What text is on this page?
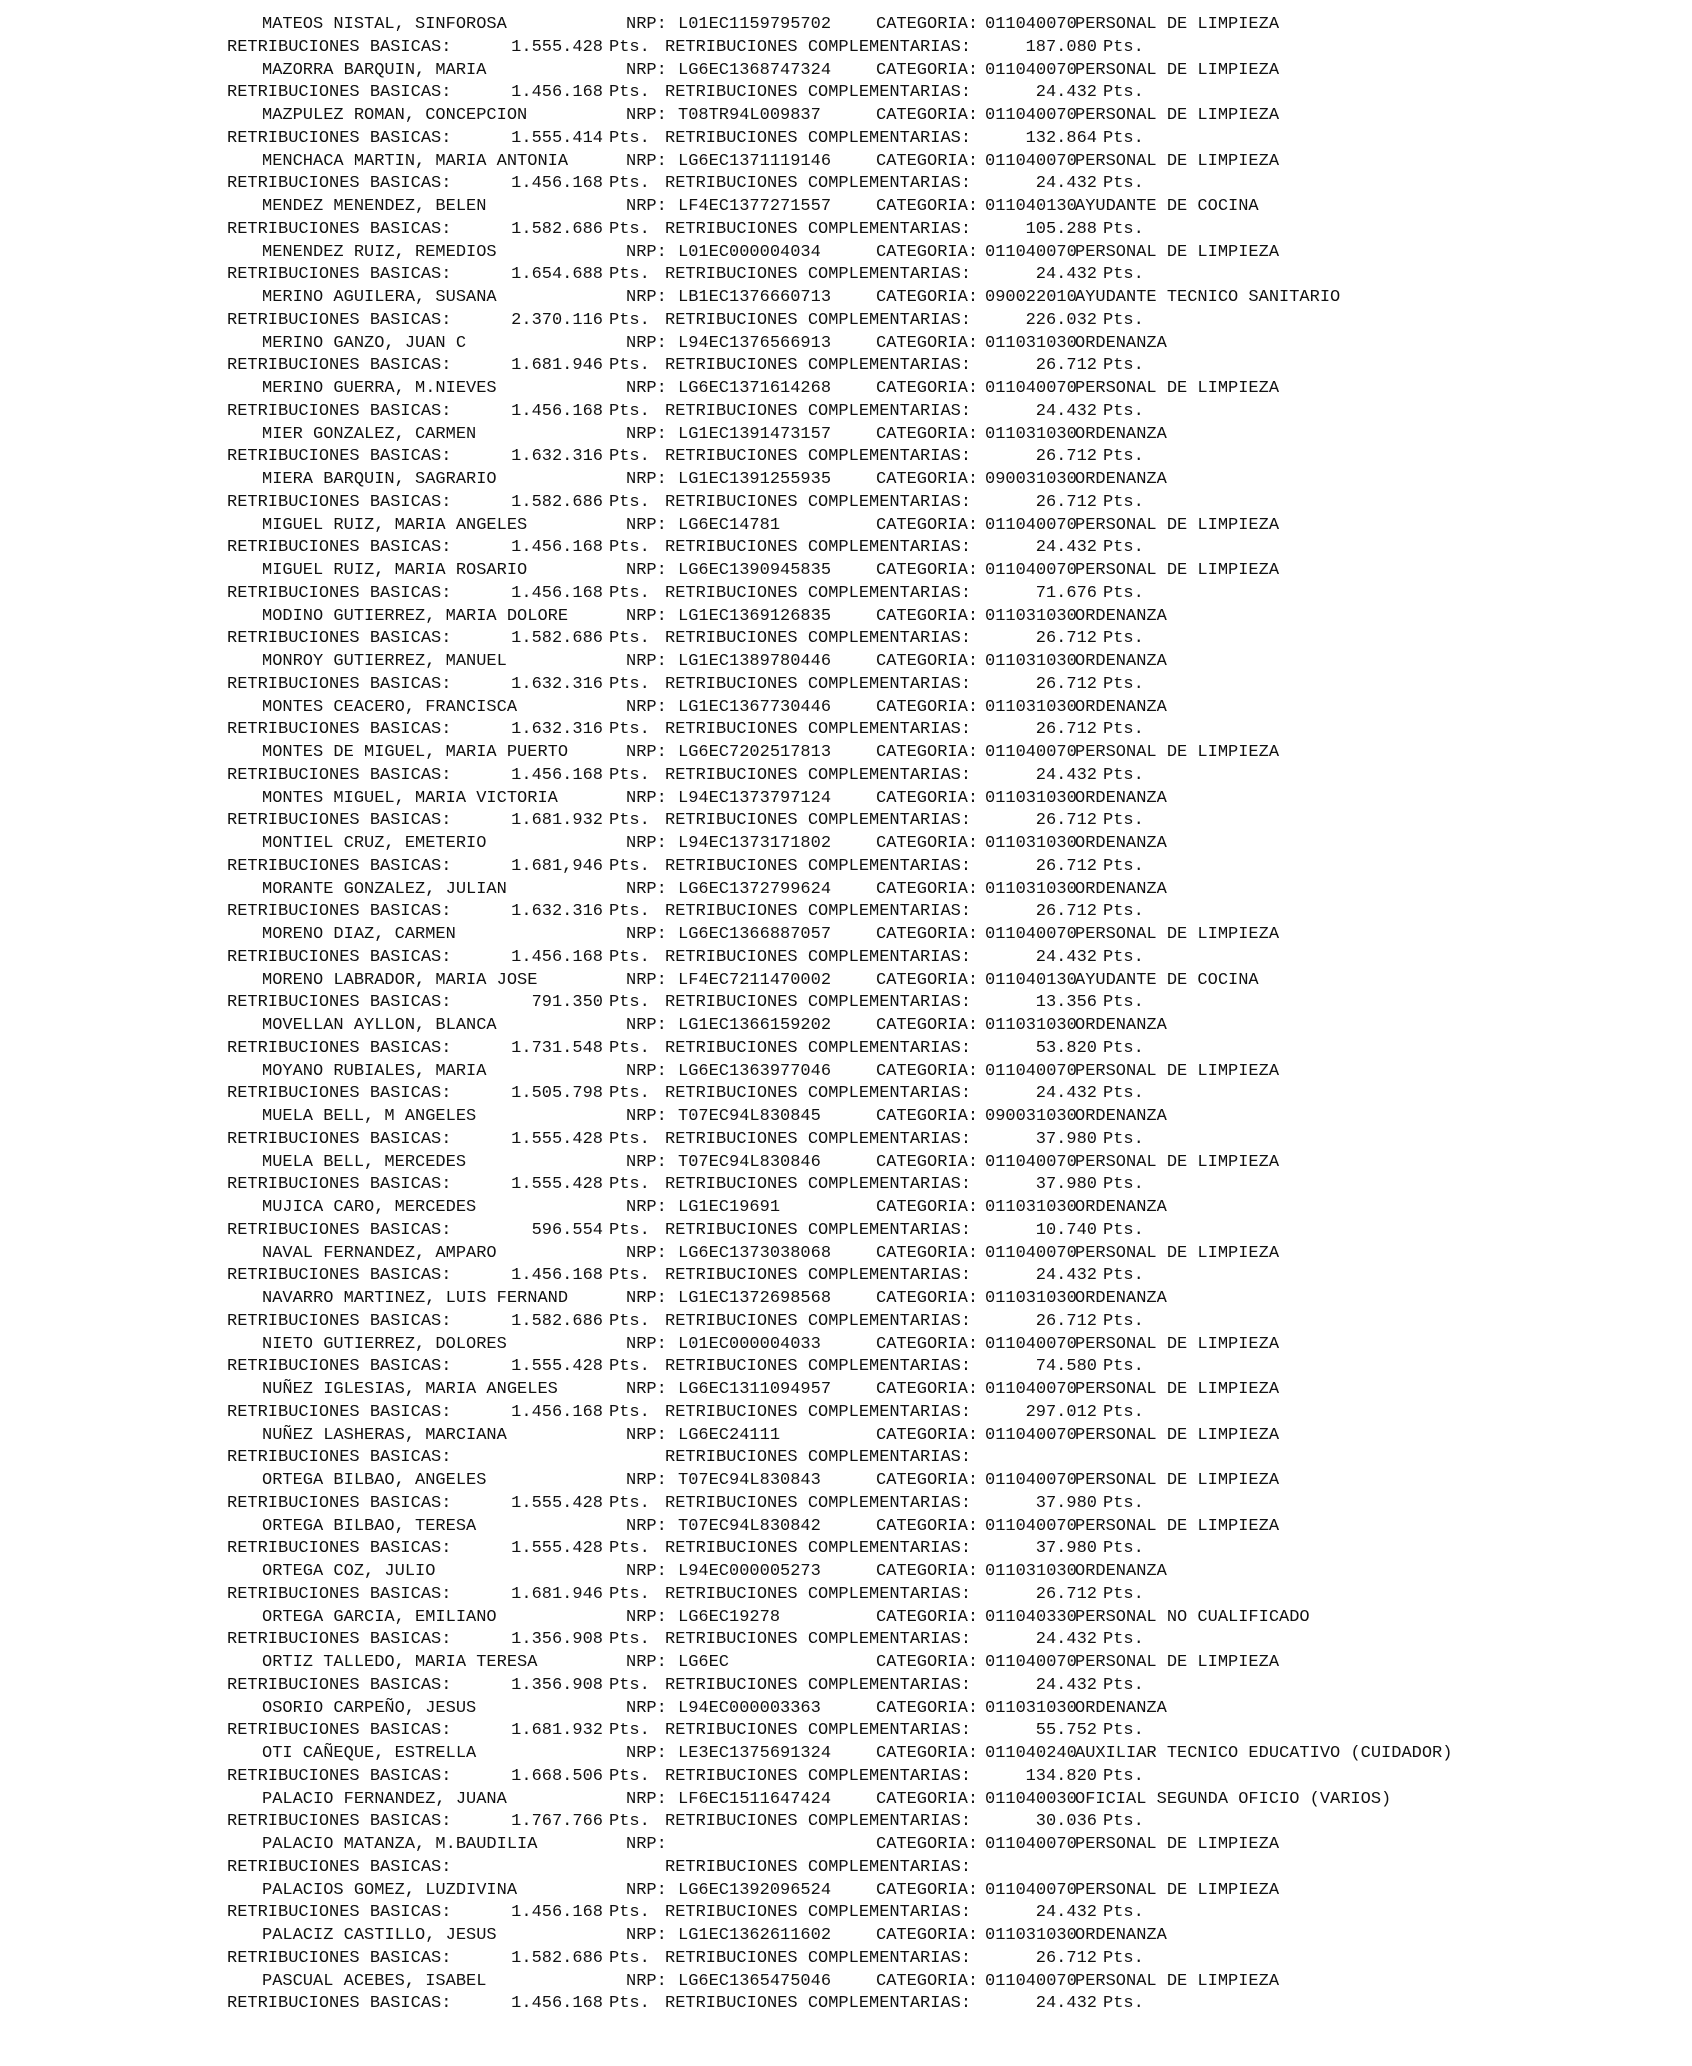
MATEOS NISTAL, SINFOROSA	NRP: L01EC1159795702	CATEGORIA: 011040070PERSONAL DE LIMPIEZA
RETRIBUCIONES BASICAS:	1.555.428 Pts. RETRIBUCIONES COMPLEMENTARIAS:	187.080 Pts.
MAZORRA BARQUIN, MARIA	NRP: LG6EC1368747324	CATEGORIA: 011040070PERSONAL DE LIMPIEZA
RETRIBUCIONES BASICAS:	1.456.168 Pts. RETRIBUCIONES COMPLEMENTARIAS:	24.432 Pts.
MAZPULEZ ROMAN, CONCEPCION	NRP: T08TR94L009837	CATEGORIA: 011040070PERSONAL DE LIMPIEZA
RETRIBUCIONES BASICAS:	1.555.414 Pts. RETRIBUCIONES COMPLEMENTARIAS:	132.864 Pts.
MENCHACA MARTIN, MARIA ANTONIA	NRP: LG6EC1371119146	CATEGORIA: 011040070PERSONAL DE LIMPIEZA
RETRIBUCIONES BASICAS:	1.456.168 Pts. RETRIBUCIONES COMPLEMENTARIAS:	24.432 Pts.
MENDEZ MENENDEZ, BELEN	NRP: LF4EC1377271557	CATEGORIA: 011040130AYUDANTE DE COCINA
RETRIBUCIONES BASICAS:	1.582.686 Pts. RETRIBUCIONES COMPLEMENTARIAS:	105.288 Pts.
MENENDEZ RUIZ, REMEDIOS	NRP: L01EC000004034	CATEGORIA: 011040070PERSONAL DE LIMPIEZA
RETRIBUCIONES BASICAS:	1.654.688 Pts. RETRIBUCIONES COMPLEMENTARIAS:	24.432 Pts.
MERINO AGUILERA, SUSANA	NRP: LB1EC1376660713	CATEGORIA: 090022010AYUDANTE TECNICO SANITARIO
RETRIBUCIONES BASICAS:	2.370.116 Pts. RETRIBUCIONES COMPLEMENTARIAS:	226.032 Pts.
MERINO GANZO, JUAN C	NRP: L94EC1376566913	CATEGORIA: 011031030ORDENANZA
RETRIBUCIONES BASICAS:	1.681.946 Pts. RETRIBUCIONES COMPLEMENTARIAS:	26.712 Pts.
MERINO GUERRA, M.NIEVES	NRP: LG6EC1371614268	CATEGORIA: 011040070PERSONAL DE LIMPIEZA
RETRIBUCIONES BASICAS:	1.456.168 Pts. RETRIBUCIONES COMPLEMENTARIAS:	24.432 Pts.
MIER GONZALEZ, CARMEN	NRP: LG1EC1391473157	CATEGORIA: 011031030ORDENANZA
RETRIBUCIONES BASICAS:	1.632.316 Pts. RETRIBUCIONES COMPLEMENTARIAS:	26.712 Pts.
MIERA BARQUIN, SAGRARIO	NRP: LG1EC1391255935	CATEGORIA: 090031030ORDENANZA
RETRIBUCIONES BASICAS:	1.582.686 Pts. RETRIBUCIONES COMPLEMENTARIAS:	26.712 Pts.
MIGUEL RUIZ, MARIA ANGELES	NRP: LG6EC14781	CATEGORIA: 011040070PERSONAL DE LIMPIEZA
RETRIBUCIONES BASICAS:	1.456.168 Pts. RETRIBUCIONES COMPLEMENTARIAS:	24.432 Pts.
MIGUEL RUIZ, MARIA ROSARIO	NRP: LG6EC1390945835	CATEGORIA: 011040070PERSONAL DE LIMPIEZA
RETRIBUCIONES BASICAS:	1.456.168 Pts. RETRIBUCIONES COMPLEMENTARIAS:	71.676 Pts.
MODINO GUTIERREZ, MARIA DOLORE	NRP: LG1EC1369126835	CATEGORIA: 011031030ORDENANZA
RETRIBUCIONES BASICAS:	1.582.686 Pts. RETRIBUCIONES COMPLEMENTARIAS:	26.712 Pts.
MONROY GUTIERREZ, MANUEL	NRP: LG1EC1389780446	CATEGORIA: 011031030ORDENANZA
RETRIBUCIONES BASICAS:	1.632.316 Pts. RETRIBUCIONES COMPLEMENTARIAS:	26.712 Pts.
MONTES CEACERO, FRANCISCA	NRP: LG1EC1367730446	CATEGORIA: 011031030ORDENANZA
RETRIBUCIONES BASICAS:	1.632.316 Pts. RETRIBUCIONES COMPLEMENTARIAS:	26.712 Pts.
MONTES DE MIGUEL, MARIA PUERTO	NRP: LG6EC7202517813	CATEGORIA: 011040070PERSONAL DE LIMPIEZA
RETRIBUCIONES BASICAS:	1.456.168 Pts. RETRIBUCIONES COMPLEMENTARIAS:	24.432 Pts.
MONTES MIGUEL, MARIA VICTORIA	NRP: L94EC1373797124	CATEGORIA: 011031030ORDENANZA
RETRIBUCIONES BASICAS:	1.681.932 Pts. RETRIBUCIONES COMPLEMENTARIAS:	26.712 Pts.
MONTIEL CRUZ, EMETERIO	NRP: L94EC1373171802	CATEGORIA: 011031030ORDENANZA
RETRIBUCIONES BASICAS:	1.681,946 Pts. RETRIBUCIONES COMPLEMENTARIAS:	26.712 Pts.
MORANTE GONZALEZ, JULIAN	NRP: LG6EC1372799624	CATEGORIA: 011031030ORDENANZA
RETRIBUCIONES BASICAS:	1.632.316 Pts. RETRIBUCIONES COMPLEMENTARIAS:	26.712 Pts.
MORENO DIAZ, CARMEN	NRP: LG6EC1366887057	CATEGORIA: 011040070PERSONAL DE LIMPIEZA
RETRIBUCIONES BASICAS:	1.456.168 Pts. RETRIBUCIONES COMPLEMENTARIAS:	24.432 Pts.
MORENO LABRADOR, MARIA JOSE	NRP: LF4EC7211470002	CATEGORIA: 011040130AYUDANTE DE COCINA
RETRIBUCIONES BASICAS:	791.350 Pts. RETRIBUCIONES COMPLEMENTARIAS:	13.356 Pts.
MOVELLAN AYLLON, BLANCA	NRP: LG1EC1366159202	CATEGORIA: 011031030ORDENANZA
RETRIBUCIONES BASICAS:	1.731.548 Pts. RETRIBUCIONES COMPLEMENTARIAS:	53.820 Pts.
MOYANO RUBIALES, MARIA	NRP: LG6EC1363977046	CATEGORIA: 011040070PERSONAL DE LIMPIEZA
RETRIBUCIONES BASICAS:	1.505.798 Pts. RETRIBUCIONES COMPLEMENTARIAS:	24.432 Pts.
MUELA BELL, M ANGELES	NRP: T07EC94L830845	CATEGORIA: 090031030ORDENANZA
RETRIBUCIONES BASICAS:	1.555.428 Pts. RETRIBUCIONES COMPLEMENTARIAS:	37.980 Pts.
MUELA BELL, MERCEDES	NRP: T07EC94L830846	CATEGORIA: 011040070PERSONAL DE LIMPIEZA
RETRIBUCIONES BASICAS:	1.555.428 Pts. RETRIBUCIONES COMPLEMENTARIAS:	37.980 Pts.
MUJICA CARO, MERCEDES	NRP: LG1EC19691	CATEGORIA: 011031030ORDENANZA
RETRIBUCIONES BASICAS:	596.554 Pts. RETRIBUCIONES COMPLEMENTARIAS:	10.740 Pts.
NAVAL FERNANDEZ, AMPARO	NRP: LG6EC1373038068	CATEGORIA: 011040070PERSONAL DE LIMPIEZA
RETRIBUCIONES BASICAS:	1.456.168 Pts. RETRIBUCIONES COMPLEMENTARIAS:	24.432 Pts.
NAVARRO MARTINEZ, LUIS FERNAND	NRP: LG1EC1372698568	CATEGORIA: 011031030ORDENANZA
RETRIBUCIONES BASICAS:	1.582.686 Pts. RETRIBUCIONES COMPLEMENTARIAS:	26.712 Pts.
NIETO GUTIERREZ, DOLORES	NRP: L01EC000004033	CATEGORIA: 011040070PERSONAL DE LIMPIEZA
RETRIBUCIONES BASICAS:	1.555.428 Pts. RETRIBUCIONES COMPLEMENTARIAS:	74.580 Pts.
NUÑEZ IGLESIAS, MARIA ANGELES	NRP: LG6EC1311094957	CATEGORIA: 011040070PERSONAL DE LIMPIEZA
RETRIBUCIONES BASICAS:	1.456.168 Pts. RETRIBUCIONES COMPLEMENTARIAS:	297.012 Pts.
NUÑEZ LASHERAS, MARCIANA	NRP: LG6EC24111	CATEGORIA: 011040070PERSONAL DE LIMPIEZA
RETRIBUCIONES BASICAS:	RETRIBUCIONES COMPLEMENTARIAS:
ORTEGA BILBAO, ANGELES	NRP: T07EC94L830843	CATEGORIA: 011040070PERSONAL DE LIMPIEZA
RETRIBUCIONES BASICAS:	1.555.428 Pts. RETRIBUCIONES COMPLEMENTARIAS:	37.980 Pts.
ORTEGA BILBAO, TERESA	NRP: T07EC94L830842	CATEGORIA: 011040070PERSONAL DE LIMPIEZA
RETRIBUCIONES BASICAS:	1.555.428 Pts. RETRIBUCIONES COMPLEMENTARIAS:	37.980 Pts.
ORTEGA COZ, JULIO	NRP: L94EC000005273	CATEGORIA: 011031030ORDENANZA
RETRIBUCIONES BASICAS:	1.681.946 Pts. RETRIBUCIONES COMPLEMENTARIAS:	26.712 Pts.
ORTEGA GARCIA, EMILIANO	NRP: LG6EC19278	CATEGORIA: 011040330PERSONAL NO CUALIFICADO
RETRIBUCIONES BASICAS:	1.356.908 Pts. RETRIBUCIONES COMPLEMENTARIAS:	24.432 Pts.
ORTIZ TALLEDO, MARIA TERESA	NRP: LG6EC	CATEGORIA: 011040070PERSONAL DE LIMPIEZA
RETRIBUCIONES BASICAS:	1.356.908 Pts. RETRIBUCIONES COMPLEMENTARIAS:	24.432 Pts.
OSORIO CARPEÑO, JESUS	NRP: L94EC000003363	CATEGORIA: 011031030ORDENANZA
RETRIBUCIONES BASICAS:	1.681.932 Pts. RETRIBUCIONES COMPLEMENTARIAS:	55.752 Pts.
OTI CAÑEQUE, ESTRELLA	NRP: LE3EC1375691324	CATEGORIA: 011040240AUXILIAR TECNICO EDUCATIVO (CUIDADOR)
RETRIBUCIONES BASICAS:	1.668.506 Pts. RETRIBUCIONES COMPLEMENTARIAS:	134.820 Pts.
PALACIO FERNANDEZ, JUANA	NRP: LF6EC1511647424	CATEGORIA: 011040030OFICIAL SEGUNDA OFICIO (VARIOS)
RETRIBUCIONES BASICAS:	1.767.766 Pts. RETRIBUCIONES COMPLEMENTARIAS:	30.036 Pts.
PALACIO MATANZA, M.BAUDILIA	NRP:	CATEGORIA: 011040070PERSONAL DE LIMPIEZA
RETRIBUCIONES BASICAS:	RETRIBUCIONES COMPLEMENTARIAS:
PALACIOS GOMEZ, LUZDIVINA	NRP: LG6EC1392096524	CATEGORIA: 011040070PERSONAL DE LIMPIEZA
RETRIBUCIONES BASICAS:	1.456.168 Pts. RETRIBUCIONES COMPLEMENTARIAS:	24.432 Pts.
PALACIZ CASTILLO, JESUS	NRP: LG1EC1362611602	CATEGORIA: 011031030ORDENANZA
RETRIBUCIONES BASICAS:	1.582.686 Pts. RETRIBUCIONES COMPLEMENTARIAS:	26.712 Pts.
PASCUAL ACEBES, ISABEL	NRP: LG6EC1365475046	CATEGORIA: 011040070PERSONAL DE LIMPIEZA
RETRIBUCIONES BASICAS:	1.456.168 Pts. RETRIBUCIONES COMPLEMENTARIAS:	24.432 Pts.
